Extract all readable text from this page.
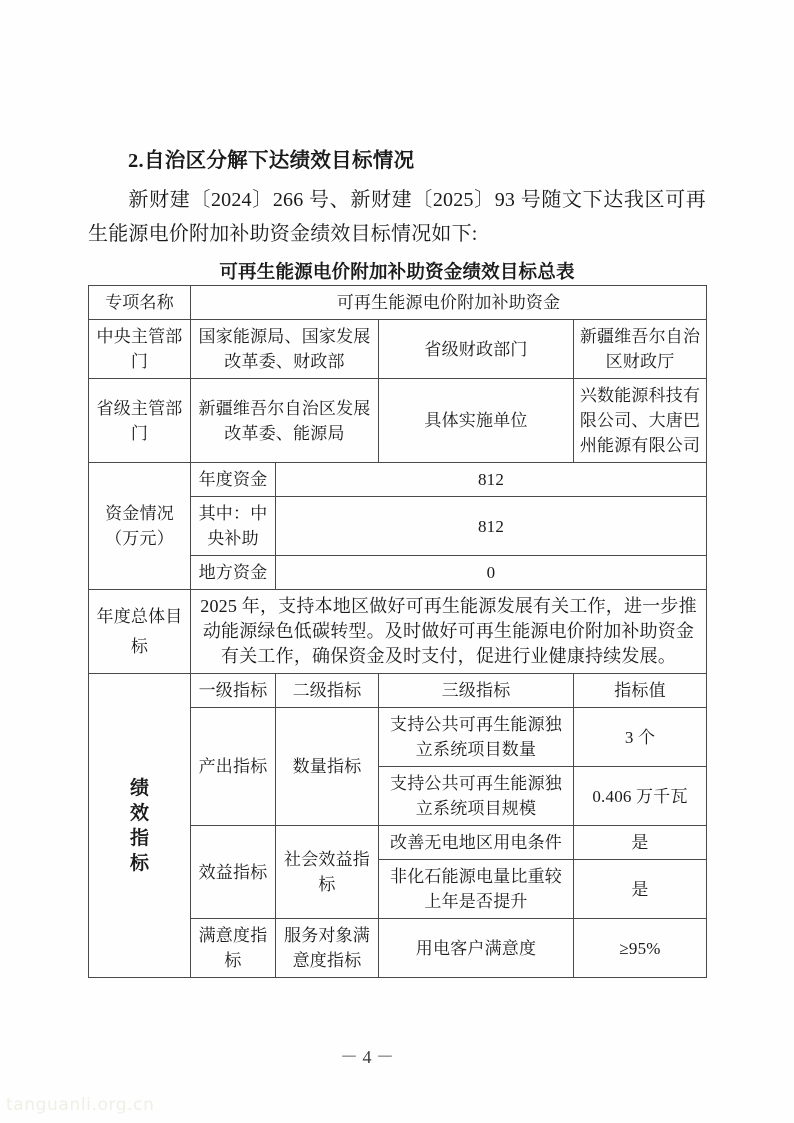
2.自治区分解下达绩效目标情况
新财建〔2024〕266 号、新财建〔2025〕93 号随文下达我区可再生能源电价附加补助资金绩效目标情况如下:
可再生能源电价附加补助资金绩效目标总表
专项名称	可再生能源电价附加补助资金			
中央主管部门	国家能源局、国家发展改革委、财政部		省级财政部门	新疆维吾尔自治区财政厅
省级主管部门	新疆维吾尔自治区发展改革委、能源局		具体实施单位	兴数能源科技有限公司、大唐巴州能源有限公司
资金情况（万元）	年度资金	812		
	其中：中央补助	812		
	地方资金	0		
年度总体目标	2025 年，支持本地区做好可再生能源发展有关工作，进一步推动能源绿色低碳转型。及时做好可再生能源电价附加补助资金有关工作，确保资金及时支付，促进行业健康持续发展。			

绩效指标	一级指标	二级指标	三级指标	指标值
	产出指标	数量指标	支持公共可再生能源独立系统项目数量	3 个
			支持公共可再生能源独立系统项目规模	0.406 万千瓦
	效益指标	社会效益指标	改善无电地区用电条件	是
			非化石能源电量比重较上年是否提升	是
	满意度指标	服务对象满意度指标	用电客户满意度	≥95%
－ 4 －
tanguanli.org.cn
